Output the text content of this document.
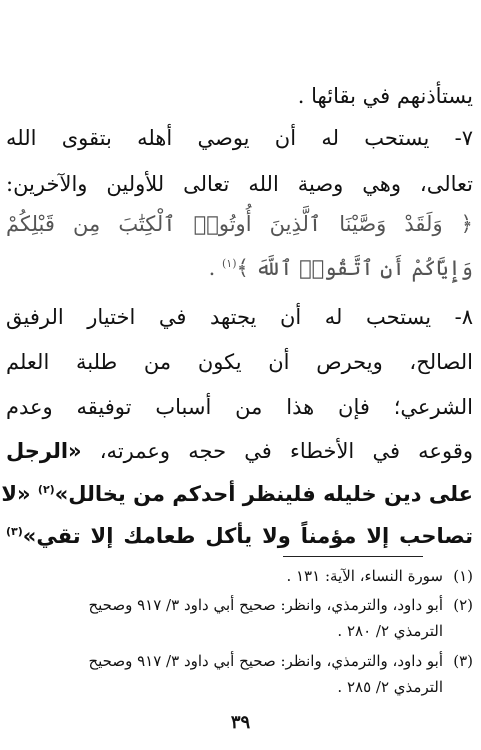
يستأذنهم في بقائها .
٧- يستحب له أن يوصي أهله بتقوى الله
تعالى، وهي وصية الله تعالى للأولين والآخرين:
﴿ وَلَقَدْ وَصَّيْنَا ٱلَّذِينَ أُوتُوا۟ ٱلْكِتَٰبَ مِن قَبْلِكُمْ
وَإِيَّاكُمْ أَنِ ٱتَّقُوا۟ ٱللَّهَ ﴾$^{(١)}$ .
٨- يستحب له أن يجتهد في اختيار الرفيق
الصالح، ويحرص أن يكون من طلبة العلم
الشرعي؛ فإن هذا من أسباب توفيقه وعدم
وقوعه في الأخطاء في حجه وعمرته، «الرجل
على دين خليله فلينظر أحدكم من يخالل»$^{(٢)}$ «لا
تصاحب إلا مؤمناً ولا يأكل طعامك إلا تقي»$^{(٣)}$
(١)سورة النساء، الآية: ١٣١ .
(٢)أبو داود، والترمذي، وانظر: صحيح أبي داود ٣/ ٩١٧ وصحيح
الترمذي ٢/ ٢٨٠ .
(٣)أبو داود، والترمذي، وانظر: صحيح أبي داود ٣/ ٩١٧ وصحيح
الترمذي ٢/ ٢٨٥ .
٣٩
